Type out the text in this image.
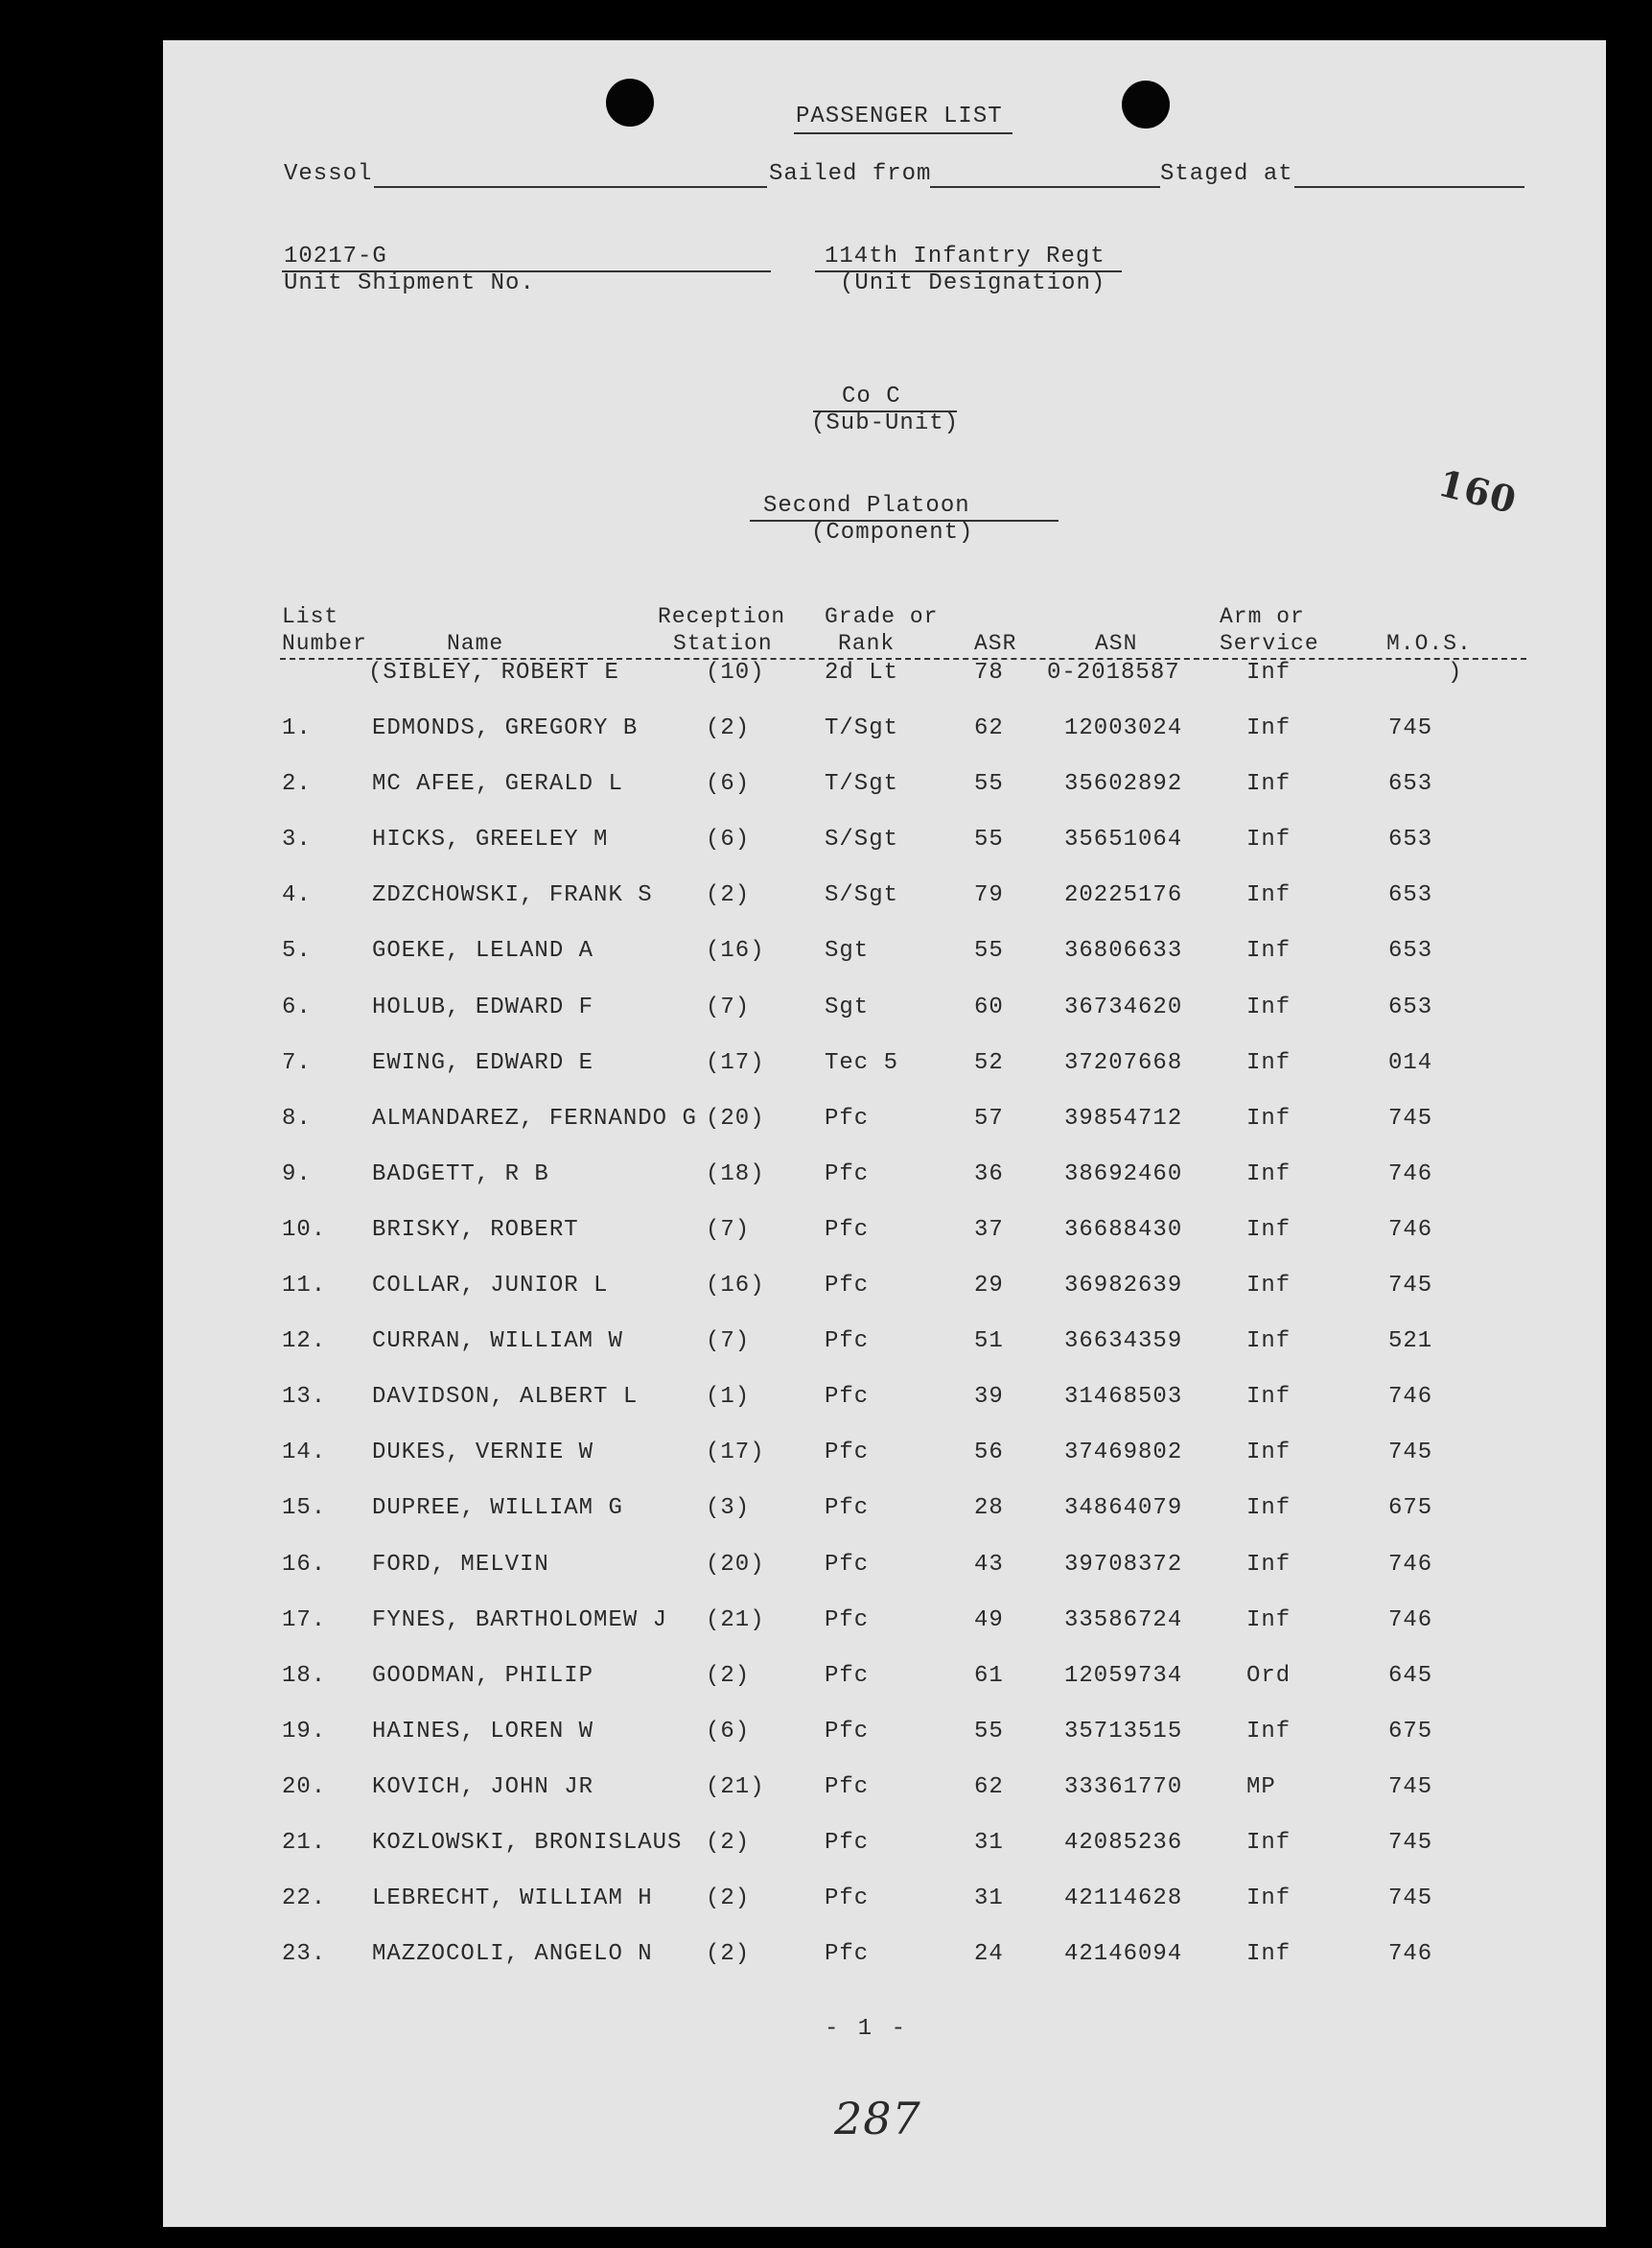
PASSENGER LIST
Vessol	Sailed from	Staged at
10217-G
Unit Shipment No.
114th Infantry Regt
(Unit Designation)
Co C
(Sub-Unit)
160
Second Platoon
(Component)
List
Number	Name
Reception
Station
Grade or
Rank	ASR	ASN
Arm or
Service	M.O.S.
(SIBLEY, ROBERT E	(10)	2d Lt	78 0-2018587	Inf	)
1.	EDMONDS, GREGORY B	(2)	T/Sgt	62	12003024	Inf	745
2.	MC AFEE, GERALD L	(6)	T/Sgt	55	35602892	Inf	653
3.	HICKS, GREELEY M	(6)	S/Sgt	55	35651064	Inf	653
4.	ZDZCHOWSKI, FRANK S (2)	S/Sgt	79	20225176	Inf	653
5.	GOEKE, LELAND A	(16)	Sgt	55	36806633	Inf	653
6.	HOLUB, EDWARD F	(7)	Sgt	60	36734620	Inf	653
7.	EWING, EDWARD E	(17)	Tec 5	52	37207668	Inf	014
8.	ALMANDAREZ, FERNANDO G (20)	Pfc	57	39854712	Inf	745
9.	BADGETT, R B	(18)	Pfc	36	38692460	Inf	746
10. BRISKY, ROBERT	(7)	Pfc	37	36688430	Inf	746
11. COLLAR, JUNIOR L	(16)	Pfc	29	36982639	Inf	745
12. CURRAN, WILLIAM W	(7)	Pfc	51	36634359	Inf	521
13. DAVIDSON, ALBERT L	(1)	Pfc	39	31468503	Inf	746
14. DUKES, VERNIE W	(17)	Pfc	56	37469802	Inf	745
15. DUPREE, WILLIAM G	(3)	Pfc	28	34864079	Inf	675
16. FORD, MELVIN	(20)	Pfc	43	39708372	Inf	746
17. FYNES, BARTHOLOMEW J (21)	Pfc	49	33586724	Inf	746
18. GOODMAN, PHILIP	(2)	Pfc	61	12059734	Ord	645
19. HAINES, LOREN W	(6)	Pfc	55	35713515	Inf	675
20. KOVICH, JOHN JR	(21)	Pfc	62	33361770	MP	745
21. KOZLOWSKI, BRONISLAUS (2)	Pfc	31	42085236	Inf	745
22. LEBRECHT, WILLIAM H (2)	Pfc	31	42114628	Inf	745
23. MAZZOCOLI, ANGELO N (2)	Pfc	24	42146094	Inf	746
- 1 -
287
